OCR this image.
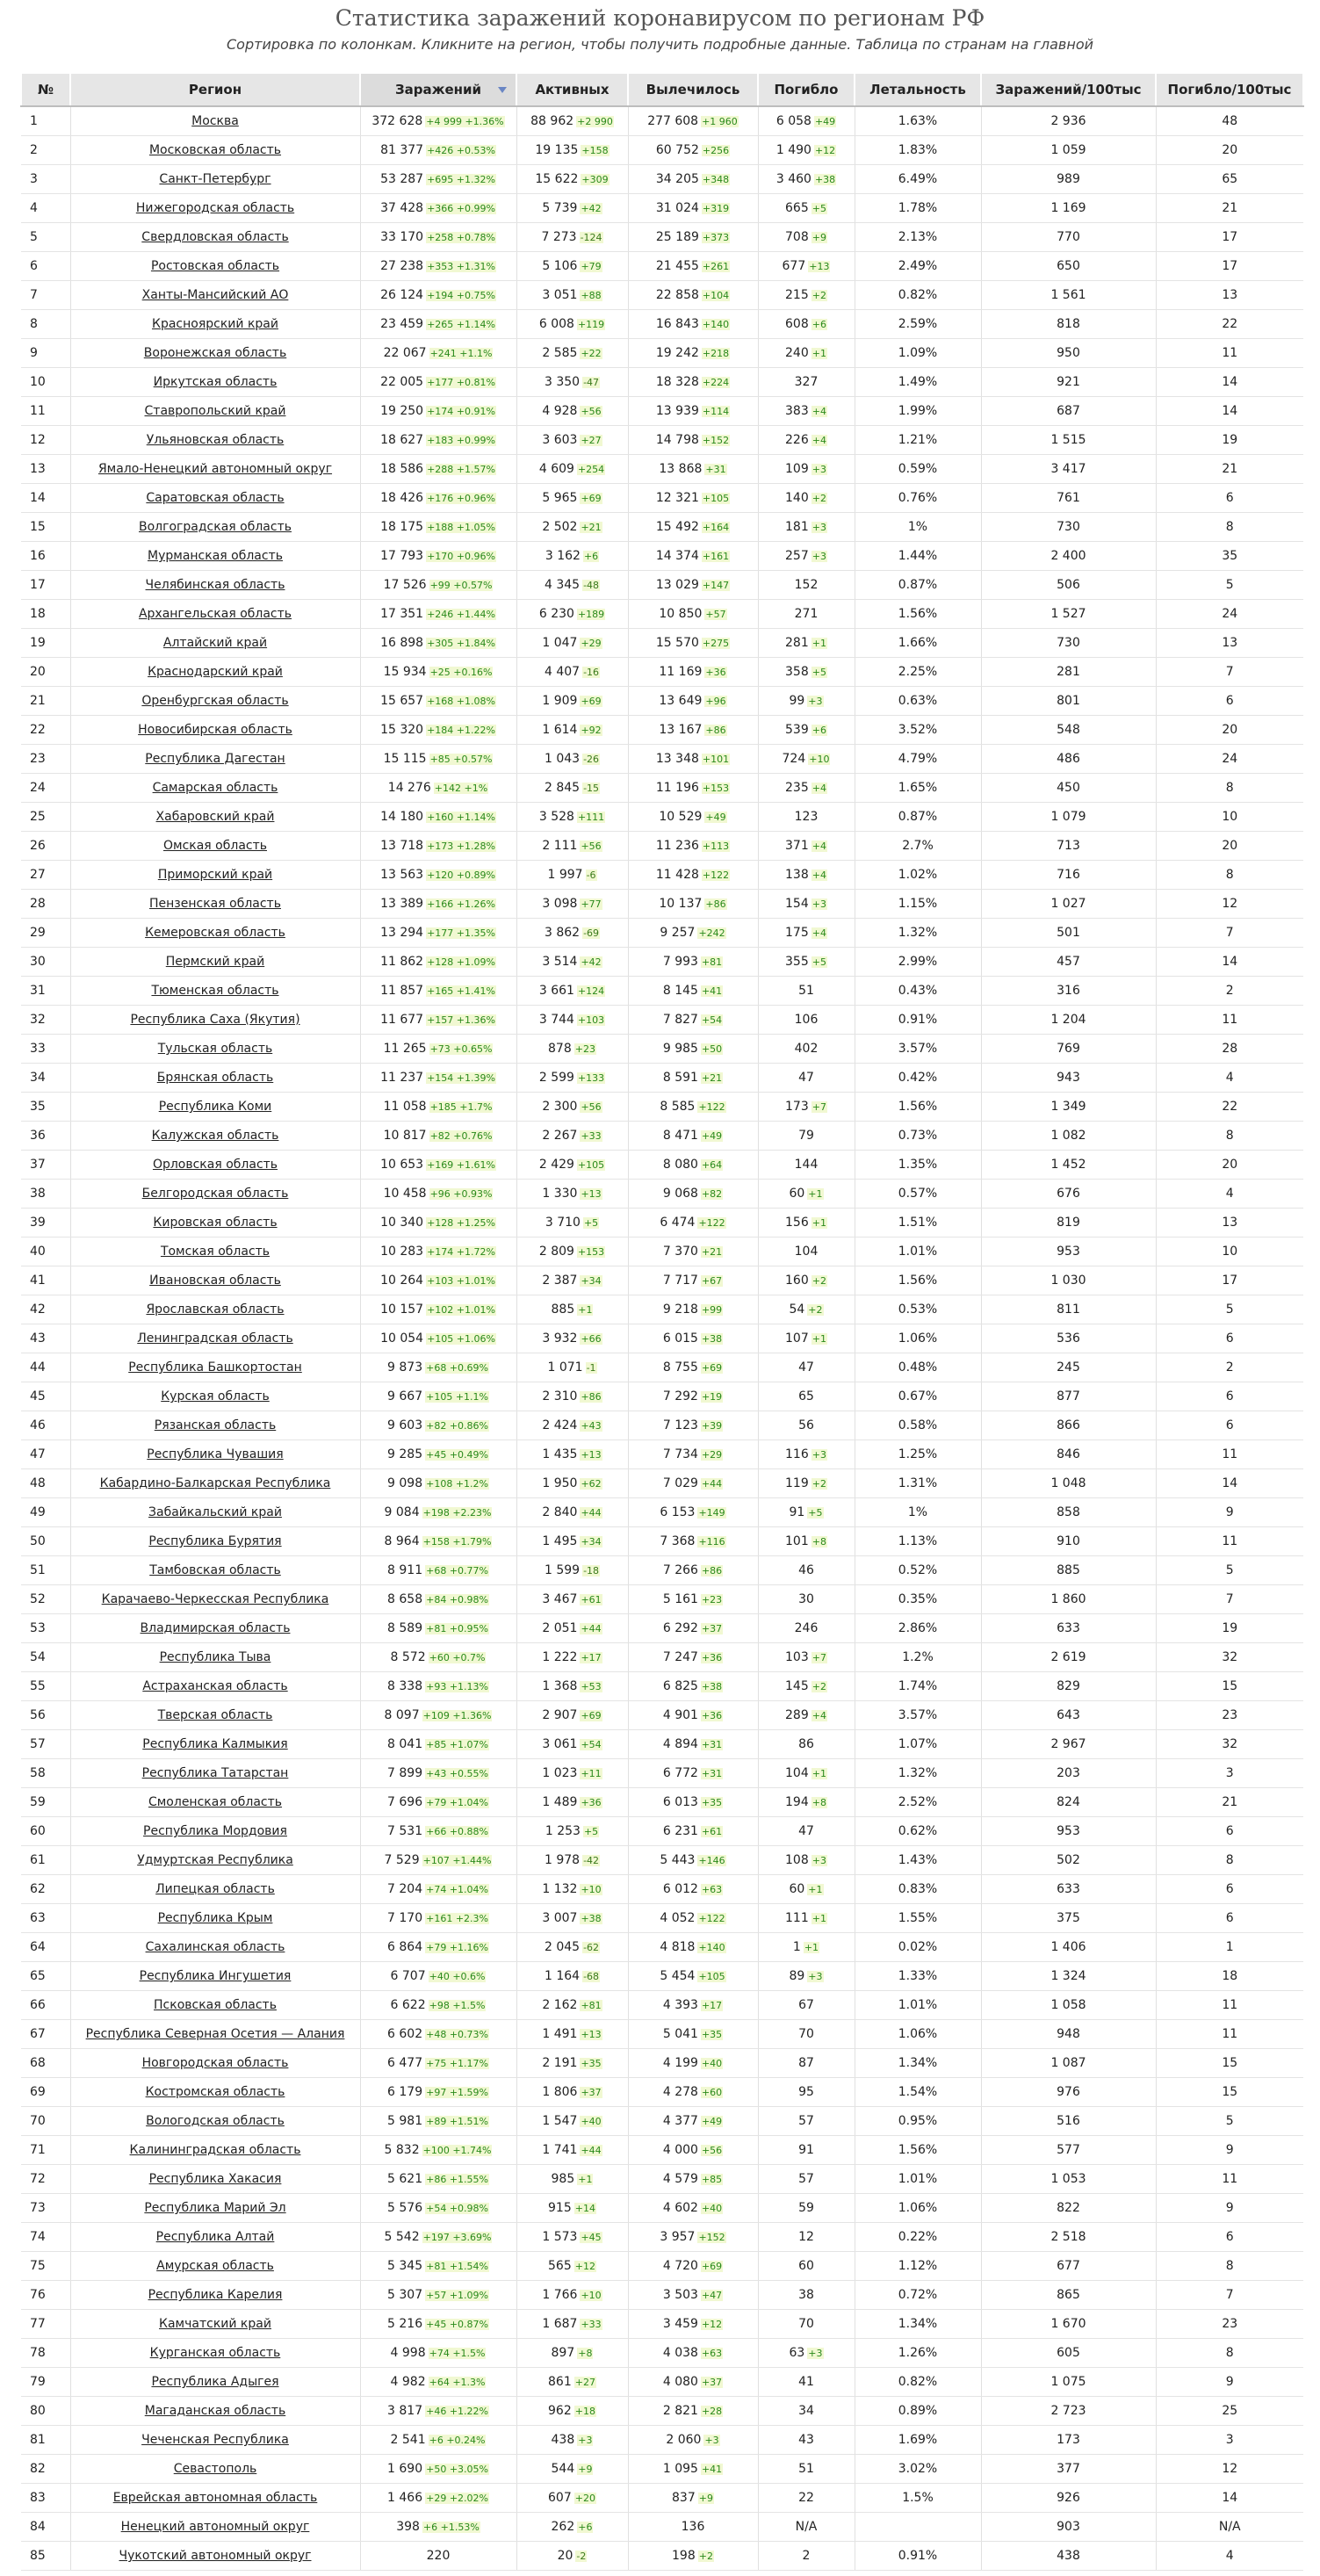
Статистика заражений коронавирусом по регионам РФ
Сортировка по колонкам. Кликните на регион, чтобы получить подробные данные. Таблица по странам на главной
№	Регион	Заражений	Активных	Вылечилось	Погибло	Летальность	Заражений/100тыс	Погибло/100тыс
1	Москва	372 628 +4 999 +1.36%	88 962 +2 990	277 608 +1 960	6 058 +49	1.63%	2 936	48
2	Московская область	81 377 +426 +0.53%	19 135 +158	60 752 +256	1 490 +12	1.83%	1 059	20
3	Санкт-Петербург	53 287 +695 +1.32%	15 622 +309	34 205 +348	3 460 +38	6.49%	989	65
4	Нижегородская область	37 428 +366 +0.99%	5 739 +42	31 024 +319	665 +5	1.78%	1 169	21
5	Свердловская область	33 170 +258 +0.78%	7 273 -124	25 189 +373	708 +9	2.13%	770	17
6	Ростовская область	27 238 +353 +1.31%	5 106 +79	21 455 +261	677 +13	2.49%	650	17
7	Ханты-Мансийский АО	26 124 +194 +0.75%	3 051 +88	22 858 +104	215 +2	0.82%	1 561	13
8	Красноярский край	23 459 +265 +1.14%	6 008 +119	16 843 +140	608 +6	2.59%	818	22
9	Воронежская область	22 067 +241 +1.1%	2 585 +22	19 242 +218	240 +1	1.09%	950	11
10	Иркутская область	22 005 +177 +0.81%	3 350 -47	18 328 +224	327	1.49%	921	14
11	Ставропольский край	19 250 +174 +0.91%	4 928 +56	13 939 +114	383 +4	1.99%	687	14
12	Ульяновская область	18 627 +183 +0.99%	3 603 +27	14 798 +152	226 +4	1.21%	1 515	19
13	Ямало-Ненецкий автономный округ	18 586 +288 +1.57%	4 609 +254	13 868 +31	109 +3	0.59%	3 417	21
14	Саратовская область	18 426 +176 +0.96%	5 965 +69	12 321 +105	140 +2	0.76%	761	6
15	Волгоградская область	18 175 +188 +1.05%	2 502 +21	15 492 +164	181 +3	1%	730	8
16	Мурманская область	17 793 +170 +0.96%	3 162 +6	14 374 +161	257 +3	1.44%	2 400	35
17	Челябинская область	17 526 +99 +0.57%	4 345 -48	13 029 +147	152	0.87%	506	5
18	Архангельская область	17 351 +246 +1.44%	6 230 +189	10 850 +57	271	1.56%	1 527	24
19	Алтайский край	16 898 +305 +1.84%	1 047 +29	15 570 +275	281 +1	1.66%	730	13
20	Краснодарский край	15 934 +25 +0.16%	4 407 -16	11 169 +36	358 +5	2.25%	281	7
21	Оренбургская область	15 657 +168 +1.08%	1 909 +69	13 649 +96	99 +3	0.63%	801	6
22	Новосибирская область	15 320 +184 +1.22%	1 614 +92	13 167 +86	539 +6	3.52%	548	20
23	Республика Дагестан	15 115 +85 +0.57%	1 043 -26	13 348 +101	724 +10	4.79%	486	24
24	Самарская область	14 276 +142 +1%	2 845 -15	11 196 +153	235 +4	1.65%	450	8
25	Хабаровский край	14 180 +160 +1.14%	3 528 +111	10 529 +49	123	0.87%	1 079	10
26	Омская область	13 718 +173 +1.28%	2 111 +56	11 236 +113	371 +4	2.7%	713	20
27	Приморский край	13 563 +120 +0.89%	1 997 -6	11 428 +122	138 +4	1.02%	716	8
28	Пензенская область	13 389 +166 +1.26%	3 098 +77	10 137 +86	154 +3	1.15%	1 027	12
29	Кемеровская область	13 294 +177 +1.35%	3 862 -69	9 257 +242	175 +4	1.32%	501	7
30	Пермский край	11 862 +128 +1.09%	3 514 +42	7 993 +81	355 +5	2.99%	457	14
31	Тюменская область	11 857 +165 +1.41%	3 661 +124	8 145 +41	51	0.43%	316	2
32	Республика Саха (Якутия)	11 677 +157 +1.36%	3 744 +103	7 827 +54	106	0.91%	1 204	11
33	Тульская область	11 265 +73 +0.65%	878 +23	9 985 +50	402	3.57%	769	28
34	Брянская область	11 237 +154 +1.39%	2 599 +133	8 591 +21	47	0.42%	943	4
35	Республика Коми	11 058 +185 +1.7%	2 300 +56	8 585 +122	173 +7	1.56%	1 349	22
36	Калужская область	10 817 +82 +0.76%	2 267 +33	8 471 +49	79	0.73%	1 082	8
37	Орловская область	10 653 +169 +1.61%	2 429 +105	8 080 +64	144	1.35%	1 452	20
38	Белгородская область	10 458 +96 +0.93%	1 330 +13	9 068 +82	60 +1	0.57%	676	4
39	Кировская область	10 340 +128 +1.25%	3 710 +5	6 474 +122	156 +1	1.51%	819	13
40	Томская область	10 283 +174 +1.72%	2 809 +153	7 370 +21	104	1.01%	953	10
41	Ивановская область	10 264 +103 +1.01%	2 387 +34	7 717 +67	160 +2	1.56%	1 030	17
42	Ярославская область	10 157 +102 +1.01%	885 +1	9 218 +99	54 +2	0.53%	811	5
43	Ленинградская область	10 054 +105 +1.06%	3 932 +66	6 015 +38	107 +1	1.06%	536	6
44	Республика Башкортостан	9 873 +68 +0.69%	1 071 -1	8 755 +69	47	0.48%	245	2
45	Курская область	9 667 +105 +1.1%	2 310 +86	7 292 +19	65	0.67%	877	6
46	Рязанская область	9 603 +82 +0.86%	2 424 +43	7 123 +39	56	0.58%	866	6
47	Республика Чувашия	9 285 +45 +0.49%	1 435 +13	7 734 +29	116 +3	1.25%	846	11
48	Кабардино-Балкарская Республика	9 098 +108 +1.2%	1 950 +62	7 029 +44	119 +2	1.31%	1 048	14
49	Забайкальский край	9 084 +198 +2.23%	2 840 +44	6 153 +149	91 +5	1%	858	9
50	Республика Бурятия	8 964 +158 +1.79%	1 495 +34	7 368 +116	101 +8	1.13%	910	11
51	Тамбовская область	8 911 +68 +0.77%	1 599 -18	7 266 +86	46	0.52%	885	5
52	Карачаево-Черкесская Республика	8 658 +84 +0.98%	3 467 +61	5 161 +23	30	0.35%	1 860	7
53	Владимирская область	8 589 +81 +0.95%	2 051 +44	6 292 +37	246	2.86%	633	19
54	Республика Тыва	8 572 +60 +0.7%	1 222 +17	7 247 +36	103 +7	1.2%	2 619	32
55	Астраханская область	8 338 +93 +1.13%	1 368 +53	6 825 +38	145 +2	1.74%	829	15
56	Тверская область	8 097 +109 +1.36%	2 907 +69	4 901 +36	289 +4	3.57%	643	23
57	Республика Калмыкия	8 041 +85 +1.07%	3 061 +54	4 894 +31	86	1.07%	2 967	32
58	Республика Татарстан	7 899 +43 +0.55%	1 023 +11	6 772 +31	104 +1	1.32%	203	3
59	Смоленская область	7 696 +79 +1.04%	1 489 +36	6 013 +35	194 +8	2.52%	824	21
60	Республика Мордовия	7 531 +66 +0.88%	1 253 +5	6 231 +61	47	0.62%	953	6
61	Удмуртская Республика	7 529 +107 +1.44%	1 978 -42	5 443 +146	108 +3	1.43%	502	8
62	Липецкая область	7 204 +74 +1.04%	1 132 +10	6 012 +63	60 +1	0.83%	633	6
63	Республика Крым	7 170 +161 +2.3%	3 007 +38	4 052 +122	111 +1	1.55%	375	6
64	Сахалинская область	6 864 +79 +1.16%	2 045 -62	4 818 +140	1 +1	0.02%	1 406	1
65	Республика Ингушетия	6 707 +40 +0.6%	1 164 -68	5 454 +105	89 +3	1.33%	1 324	18
66	Псковская область	6 622 +98 +1.5%	2 162 +81	4 393 +17	67	1.01%	1 058	11
67	Республика Северная Осетия — Алания	6 602 +48 +0.73%	1 491 +13	5 041 +35	70	1.06%	948	11
68	Новгородская область	6 477 +75 +1.17%	2 191 +35	4 199 +40	87	1.34%	1 087	15
69	Костромская область	6 179 +97 +1.59%	1 806 +37	4 278 +60	95	1.54%	976	15
70	Вологодская область	5 981 +89 +1.51%	1 547 +40	4 377 +49	57	0.95%	516	5
71	Калининградская область	5 832 +100 +1.74%	1 741 +44	4 000 +56	91	1.56%	577	9
72	Республика Хакасия	5 621 +86 +1.55%	985 +1	4 579 +85	57	1.01%	1 053	11
73	Республика Марий Эл	5 576 +54 +0.98%	915 +14	4 602 +40	59	1.06%	822	9
74	Республика Алтай	5 542 +197 +3.69%	1 573 +45	3 957 +152	12	0.22%	2 518	6
75	Амурская область	5 345 +81 +1.54%	565 +12	4 720 +69	60	1.12%	677	8
76	Республика Карелия	5 307 +57 +1.09%	1 766 +10	3 503 +47	38	0.72%	865	7
77	Камчатский край	5 216 +45 +0.87%	1 687 +33	3 459 +12	70	1.34%	1 670	23
78	Курганская область	4 998 +74 +1.5%	897 +8	4 038 +63	63 +3	1.26%	605	8
79	Республика Адыгея	4 982 +64 +1.3%	861 +27	4 080 +37	41	0.82%	1 075	9
80	Магаданская область	3 817 +46 +1.22%	962 +18	2 821 +28	34	0.89%	2 723	25
81	Чеченская Республика	2 541 +6 +0.24%	438 +3	2 060 +3	43	1.69%	173	3
82	Севастополь	1 690 +50 +3.05%	544 +9	1 095 +41	51	3.02%	377	12
83	Еврейская автономная область	1 466 +29 +2.02%	607 +20	837 +9	22	1.5%	926	14
84	Ненецкий автономный округ	398 +6 +1.53%	262 +6	136	N/A		903	N/A
85	Чукотский автономный округ	220	20 -2	198 +2	2	0.91%	438	4
